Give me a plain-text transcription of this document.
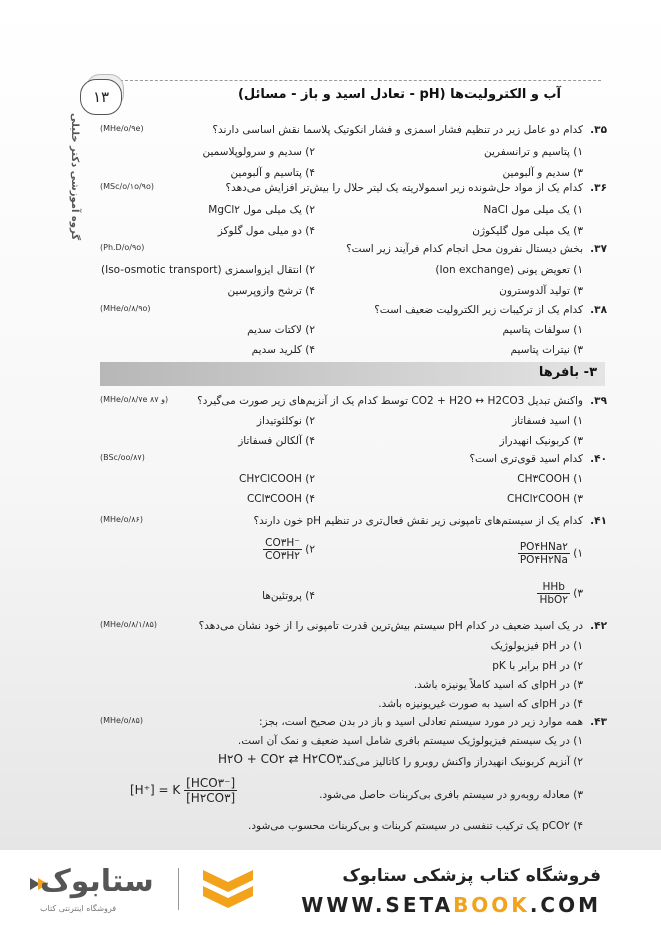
۱۳	آب و الکترولیت‌ها (pH - تعادل اسید و باز - مسائل)
گروه آموزشی دکتر خلیلی	۳۵.
کدام دو عامل زیر در تنظیم فشار اسمزی و فشار انکوتیک پلاسما نقش اساسی دارند؟
(MHe/o/۹e)
۱) پتاسیم و ترانسفرین
۲) سدیم و سرولوپلاسمین
۳) سدیم و آلبومین
۴) پتاسیم و آلبومین
۳۶.
کدام یک از مواد حل‌شونده زیر اسمولاریته یک لیتر حلال را بیش‌تر افزایش می‌دهد؟
(MSc/o/۱o/۹o)
۱) یک میلی مول NaCl
۲) یک میلی مول MgCl۲
۳) یک میلی مول گلیکوژن
۴) دو میلی مول گلوکز
۳۷.
بخش دیستال نفرون محل انجام کدام فرآیند زیر است؟
(Ph.D/o/۹o)
۱) تعویض یونی (Ion exchange)
۲) انتقال ایزواسمزی (Iso-osmotic transport)
۳) تولید آلدوسترون
۴) ترشح وازوپرسین
۳۸.
کدام یک از ترکیبات زیر الکترولیت ضعیف است؟
(MHe/o/۸/۹o)
۱) سولفات پتاسیم
۲) لاکتات سدیم
۳) نیترات پتاسیم
۴) کلرید سدیم
۳۹.
واکنش تبدیل CO2 + H2O ↔ H2CO3 توسط کدام یک از آنزیم‌های زیر صورت می‌گیرد؟
(MHe/o/۸/۷e و ۸۷)
۱) اسید فسفاتاز
۲) نوکلئوتیداز
۳) کربونیک انهیدراز
۴) آلکالن فسفاتاز
۴۰.
کدام اسید قوی‌تری است؟
(BSc/oo/۸۷)
۱) CH۳COOH
۲) CH۲ClCOOH
۳) CHCl۲COOH
۴) CCl۳COOH
۴۱.
کدام یک از سیستم‌های تامپونی زیر نقش فعال‌تری در تنظیم pH خون دارند؟
(MHe/o/۸۶)
۱)
$\frac{\text{PO۴HNa۲}}{PO۴H۲Na}$
۲)
$\frac{CO۳H^-}{CO۳H۲}$
۳)
$\frac{\text{HHb}}{\text{HbO۲}}$
۴) پروتئین‌ها
۴۲.
در یک اسید ضعیف در کدام pH سیستم بیش‌ترین قدرت تامپونی را از خود نشان می‌دهد؟
(MHe/o/۸/۱/۸۵)
۱) در pH فیزیولوژیک
۲) در pH برابر با pK
۳) در pHای که اسید کاملاً یونیزه باشد.
۴) در pHای که اسید به صورت غیریونیزه باشد.
۴۳.
همه موارد زیر در مورد سیستم تعادلی اسید و باز در بدن صحیح است، بجز:
(MHe/o/۸۵)
۱) در یک سیستم فیزیولوژیک سیستم بافری شامل اسید ضعیف و نمک آن است.
۲) آنزیم کربونیک انهیدراز واکنش روبرو را کاتالیز می‌کند.
H۲O + CO۲ ⇄ H۲CO۳
[H⁺] = K $\frac{\text{[HCO۳⁻]}}{[H۲CO۳]}$	۳) معادله روبه‌رو در سیستم بافری بی‌کربنات حاصل می‌شود.
۴) pCO۲ یک ترکیب تنفسی در سیستم کربنات و بی‌کربنات محسوب می‌شود.
۳- بافرها
فروشگاه کتاب پزشکی ستابوک
WWW.SETABOOK.COM
ستابوک
فروشگاه اینترنتی کتاب
